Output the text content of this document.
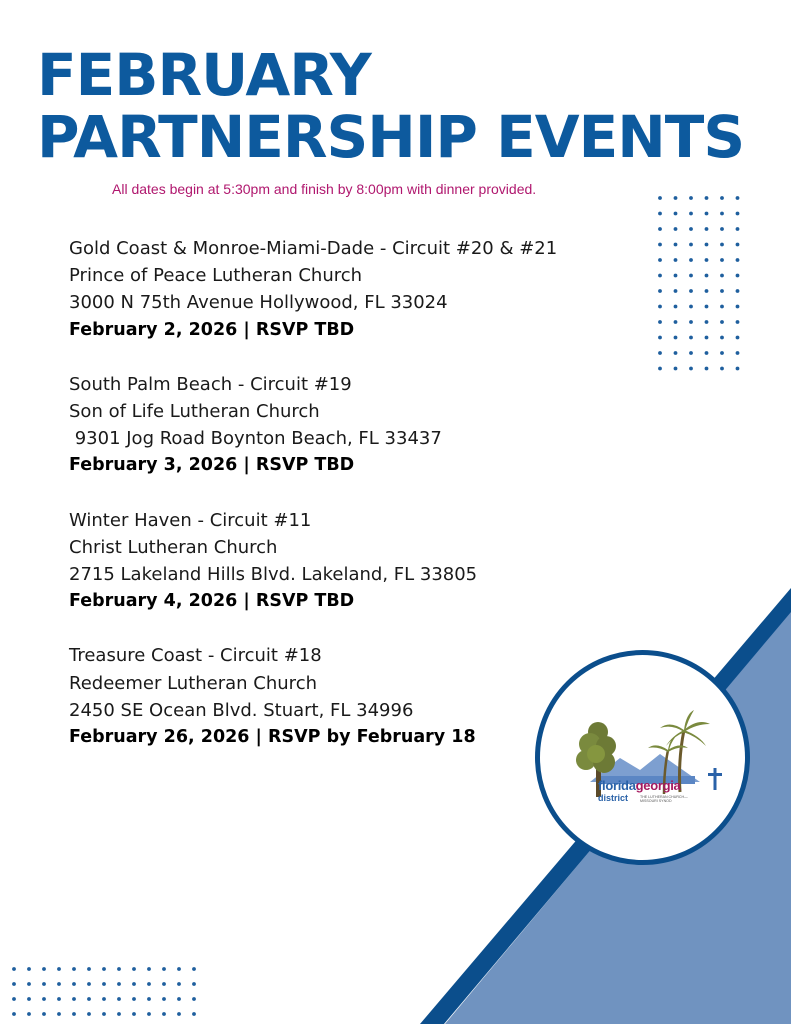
FEBRUARY
PARTNERSHIP EVENTS
All dates begin at 5:30pm and finish by 8:00pm with dinner provided.
Gold Coast & Monroe-Miami-Dade - Circuit #20 & #21
Prince of Peace Lutheran Church
3000 N 75th Avenue Hollywood, FL 33024
February 2, 2026 | RSVP TBD
South Palm Beach - Circuit #19
Son of Life Lutheran Church
9301 Jog Road Boynton Beach, FL 33437
February 3, 2026 | RSVP TBD
Winter Haven - Circuit #11
Christ Lutheran Church
2715 Lakeland Hills Blvd. Lakeland, FL 33805
February 4, 2026 | RSVP TBD
Treasure Coast - Circuit #18
Redeemer Lutheran Church
2450 SE Ocean Blvd. Stuart, FL 34996
February 26, 2026 | RSVP by February 18
floridageorgia
district	THE LUTHERAN CHURCH—
MISSOURI SYNOD
